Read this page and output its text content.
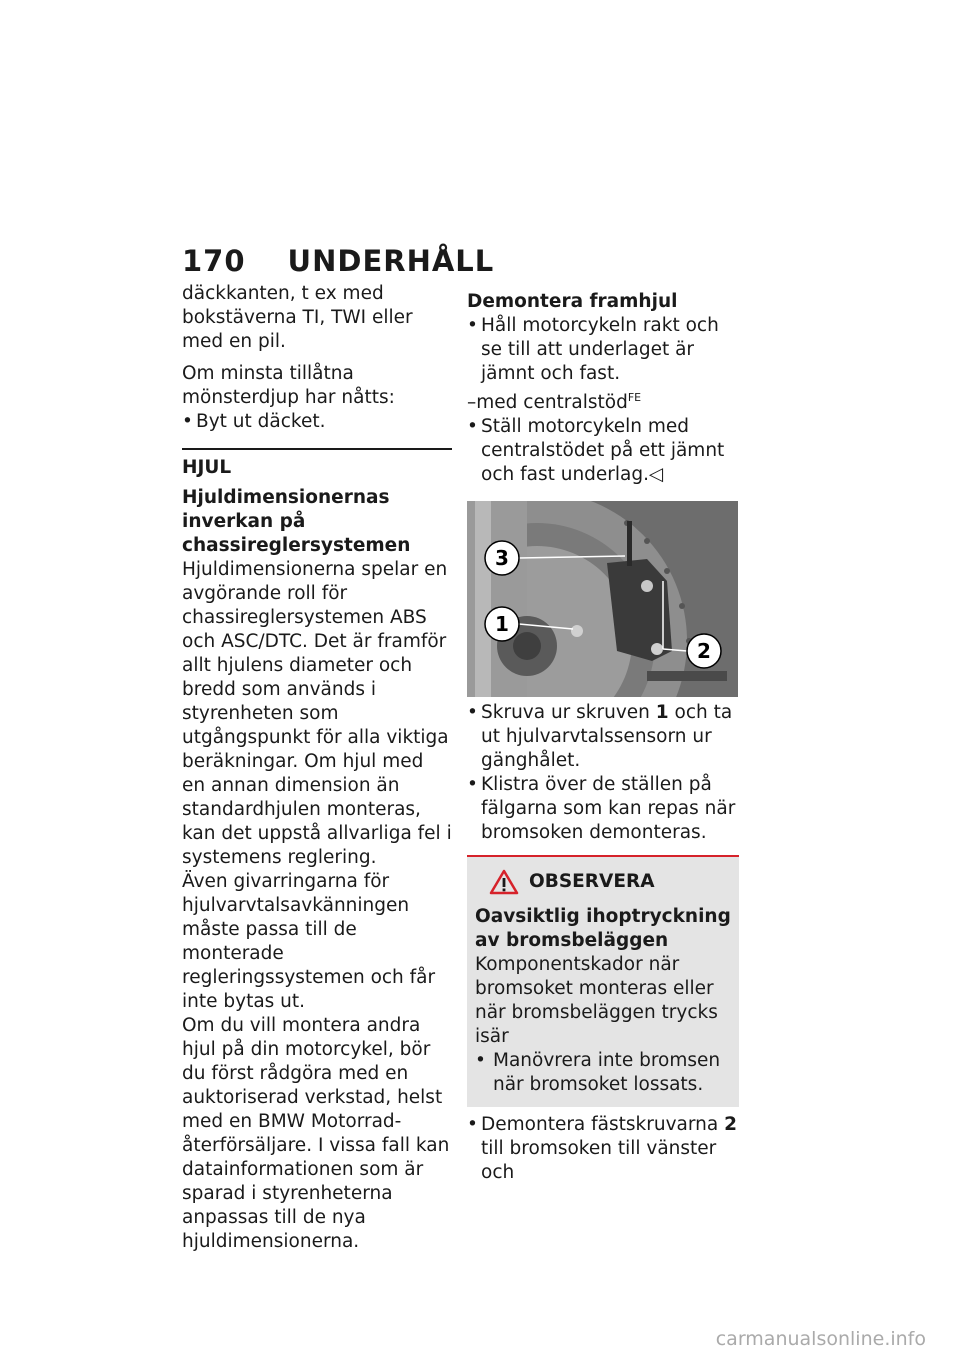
170 UNDERHÅLL

däckkanten, t ex med bokstäverna TI, TWI eller med en pil.

Om minsta tillåtna mönsterdjup har nåtts:

• Byt ut däcket.

HJUL

Hjuldimensionernas inverkan på chassireglersystemen

Hjuldimensionerna spelar en avgörande roll för chassireglersystemen ABS och ASC/DTC. Det är framför allt hjulens diameter och bredd som används i styrenheten som utgångspunkt för alla viktiga beräkningar. Om hjul med en annan dimension än standardhjulen monteras, kan det uppstå allvarliga fel i systemens reglering.

Även givarringarna för hjulvarvtalsavkänningen måste passa till de monterade regleringssystemen och får inte bytas ut.

Om du vill montera andra hjul på din motorcykel, bör du först rådgöra med en auktoriserad verkstad, helst med en BMW Motorrad-återförsäljare. I vissa fall kan datainformationen som är sparad i styrenheterna anpassas till de nya hjuldimensionerna.

Demontera framhjul

• Håll motorcykeln rakt och se till att underlaget är jämnt och fast.

–med centralstöd$^{FE}$

• Ställ motorcykeln med centralstödet på ett jämnt och fast underlag.◁

3
1
2

• Skruva ur skruven 1 och ta ut hjulvarvtalssensorn ur gänghålet.

• Klistra över de ställen på fälgarna som kan repas när bromsoken demonteras.

OBSERVERA

Oavsiktlig ihoptryckning av bromsbeläggen

Komponentskador när bromsoket monteras eller när bromsbeläggen trycks isär

• Manövrera inte bromsen när bromsoket lossats.

• Demontera fästskruvarna 2 till bromsoken till vänster och

carmanualsonline.info
